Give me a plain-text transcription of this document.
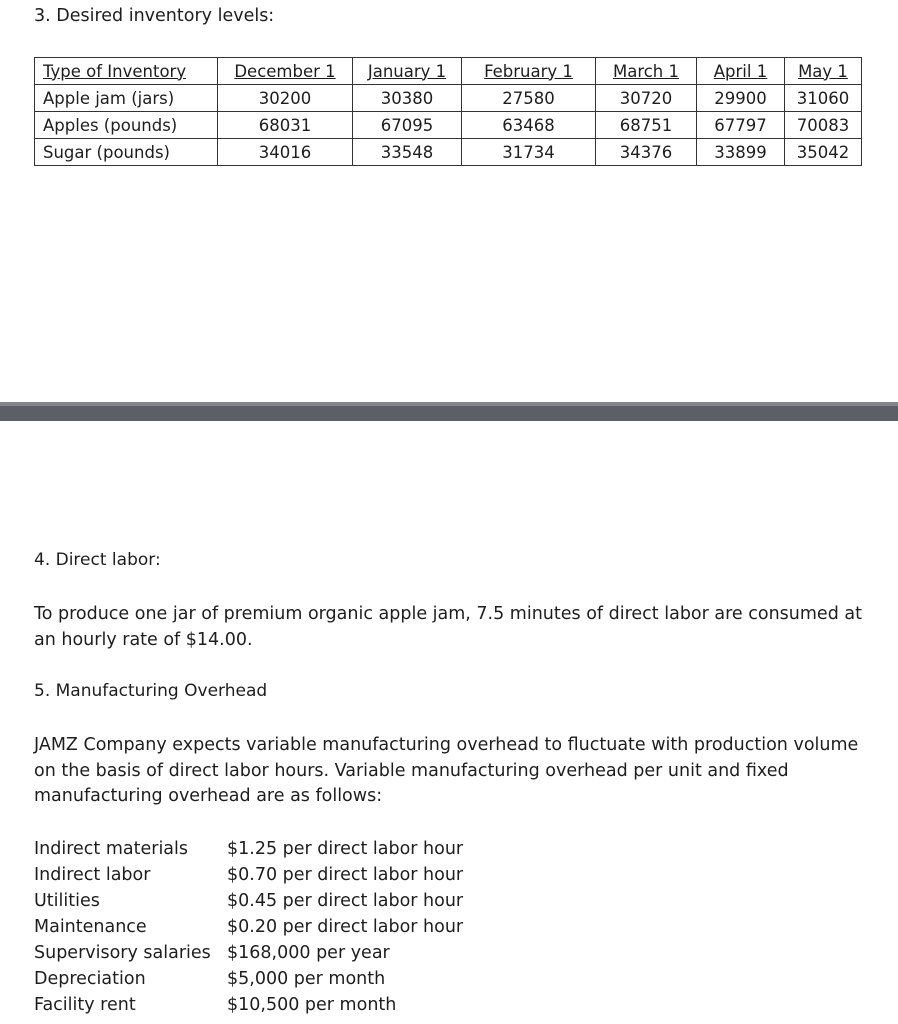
3. Desired inventory levels:
Type of Inventory	December 1	January 1	February 1	March 1	April 1	May 1
Apple jam (jars)	30200	30380	27580	30720	29900	31060
Apples (pounds)	68031	67095	63468	68751	67797	70083
Sugar (pounds)	34016	33548	31734	34376	33899	35042
4. Direct labor:
To produce one jar of premium organic apple jam, 7.5 minutes of direct labor are consumed at
an hourly rate of $14.00.
5. Manufacturing Overhead
JAMZ Company expects variable manufacturing overhead to fluctuate with production volume
on the basis of direct labor hours. Variable manufacturing overhead per unit and fixed
manufacturing overhead are as follows:
Indirect materials	$1.25 per direct labor hour
Indirect labor	$0.70 per direct labor hour
Utilities	$0.45 per direct labor hour
Maintenance	$0.20 per direct labor hour
Supervisory salaries $168,000 per year
Depreciation	$5,000 per month
Facility rent	$10,500 per month
